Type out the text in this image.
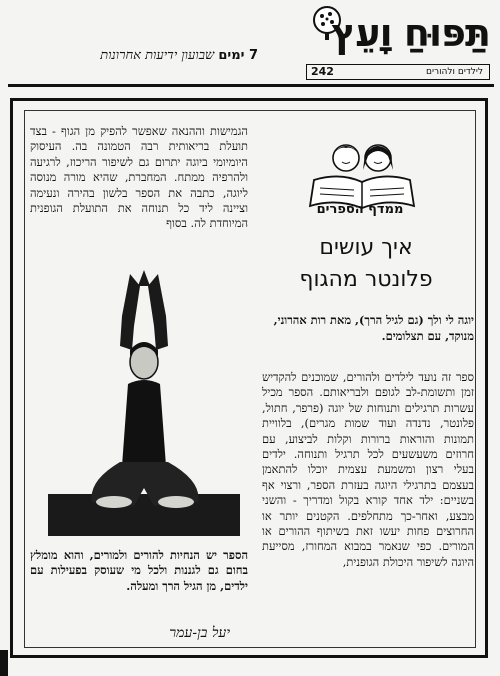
תַּפּוּחַ וָעֵץ
לילדים ולהורים
242
7 ימים שבועון ידיעות אחרונות
הגמישות וההנאה שאפשר להפיק מן הגוף - בצד תועלת בריאותית רבה הטמונה בה. העיסוק היומיומי ביוגה יתרום גם לשיפור הריכוז, לרגיעה ולהרפיה ממתח. המחברת, שהיא מורה מנוסה ליוגה, כתבה את הספר בלשון בהירה ונעימה וציינה ליד כל תנוחה את התועלת הגופנית המיוחדת לה. בסוף
הספר יש הנחיות להורים ולמורים, והוא מומלץ בחום גם לגננות ולכל מי שעוסק בפעילות עם ילדים, מן הגיל הרך ומעלה.
יעל בן-עמר
ממדף הספרים
איך עושים
פלונטר מהגוף
יוגה לי ולך (גם לגיל הרך), מאת רות אהרוני, מנוקד, עם תצלומים.
ספר זה נועד לילדים ולהורים, שמוכנים להקדיש זמן ותשומת-לב לגופם ולבריאותם. הספר מכיל עשרות תרגילים ותנוחות של יוגה (פרפר, חתול, פלונטר, נדנדה ועוד שמות מגרים), בלוויית תמונות והוראות ברורות וקלות לביצוע, עם חרוזים משעשעים לכל תרגיל ותנוחה. ילדים בעלי רצון ומשמעת עצמית יוכלו להתאמן בעצמם בתרגילי היוגה בעזרת הספר, ורצוי אף בשניים: ילד אחד קורא בקול ומדריך - והשני מבצע, ואחר-כך מתחלפים. הקטנים יותר או החרוצים פחות יעשו זאת בשיתוף ההורים או המורים. כפי שנאמר במבוא המחורז, מסייעת היוגה לשיפור היכולת הגופנית,
